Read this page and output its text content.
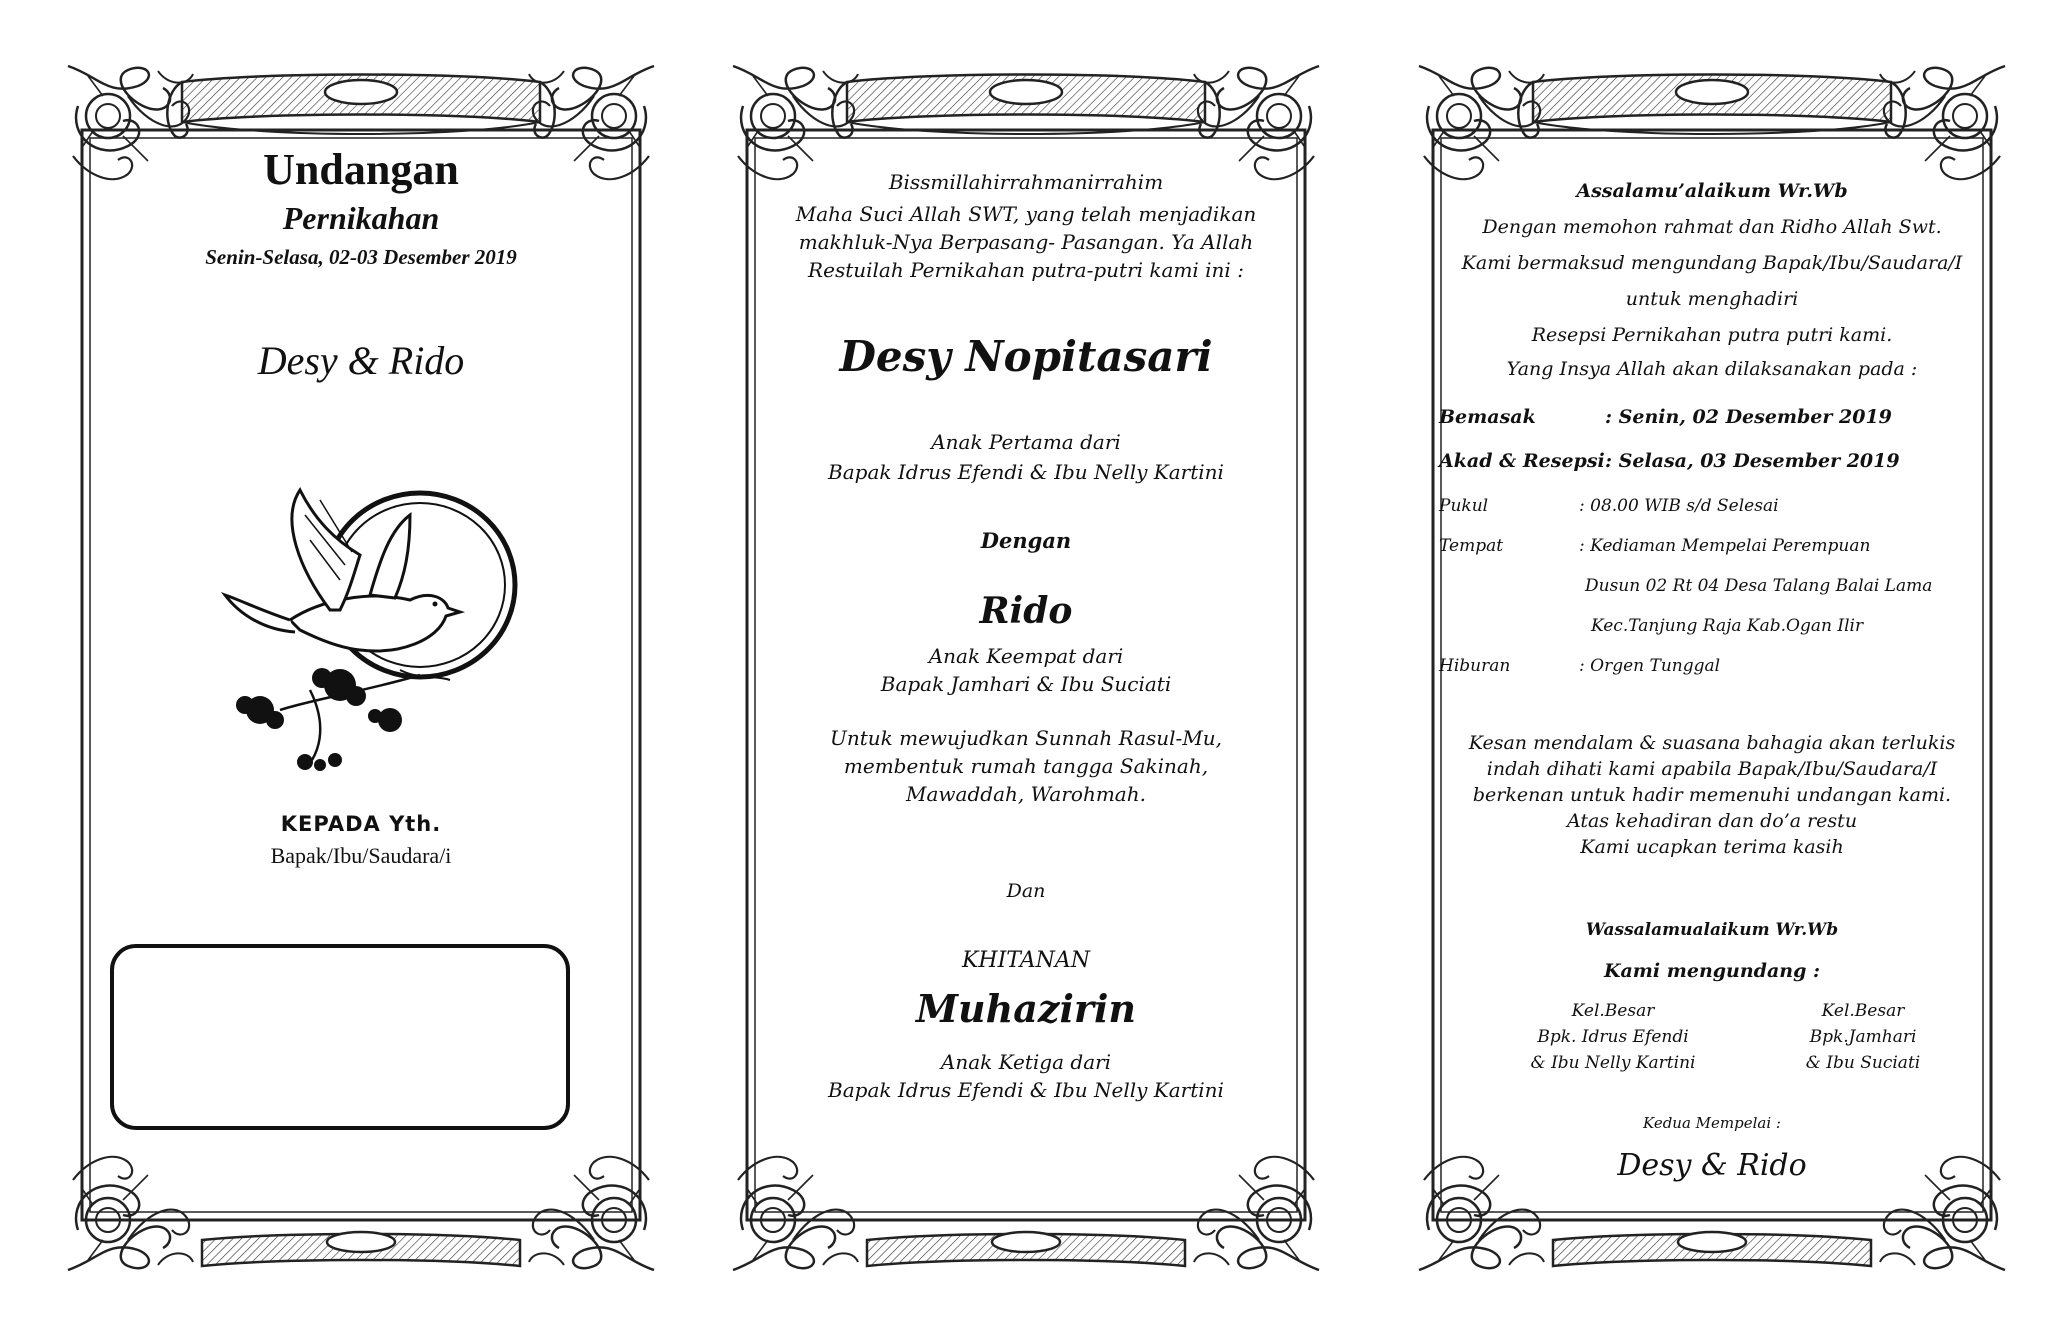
Undangan
Pernikahan
Senin-Selasa, 02-03 Desember 2019
Desy & Rido
KEPADA Yth.
Bapak/Ibu/Saudara/i
Bissmillahirrahmanirrahim
Maha Suci Allah SWT, yang telah menjadikan
makhluk-Nya Berpasang- Pasangan. Ya Allah
Restuilah Pernikahan putra-putri kami ini :
Desy Nopitasari
Anak Pertama dari
Bapak Idrus Efendi & Ibu Nelly Kartini
Dengan
Rido
Anak Keempat dari
Bapak Jamhari & Ibu Suciati
Untuk mewujudkan Sunnah Rasul-Mu,
membentuk rumah tangga Sakinah,
Mawaddah, Warohmah.
Dan
KHITANAN
Muhazirin
Anak Ketiga dari
Bapak Idrus Efendi & Ibu Nelly Kartini
Assalamu’alaikum Wr.Wb
Dengan memohon rahmat dan Ridho Allah Swt.
Kami bermaksud mengundang Bapak/Ibu/Saudara/I
untuk menghadiri
Resepsi Pernikahan putra putri kami.
Yang Insya Allah akan dilaksanakan pada :
Bemasak	: Senin, 02 Desember 2019
Akad & Resepsi : Selasa, 03 Desember 2019
Pukul	: 08.00 WIB s/d Selesai
Tempat	: Kediaman Mempelai Perempuan
Dusun 02 Rt 04 Desa Talang Balai Lama
Kec.Tanjung Raja Kab.Ogan Ilir
Hiburan	: Orgen Tunggal
Kesan mendalam & suasana bahagia akan terlukis
indah dihati kami apabila Bapak/Ibu/Saudara/I
berkenan untuk hadir memenuhi undangan kami.
Atas kehadiran dan do’a restu
Kami ucapkan terima kasih
Wassalamualaikum Wr.Wb
Kami mengundang :
Kel.Besar
Bpk. Idrus Efendi
& Ibu Nelly Kartini
Kel.Besar
Bpk.Jamhari
& Ibu Suciati
Kedua Mempelai :
Desy & Rido
